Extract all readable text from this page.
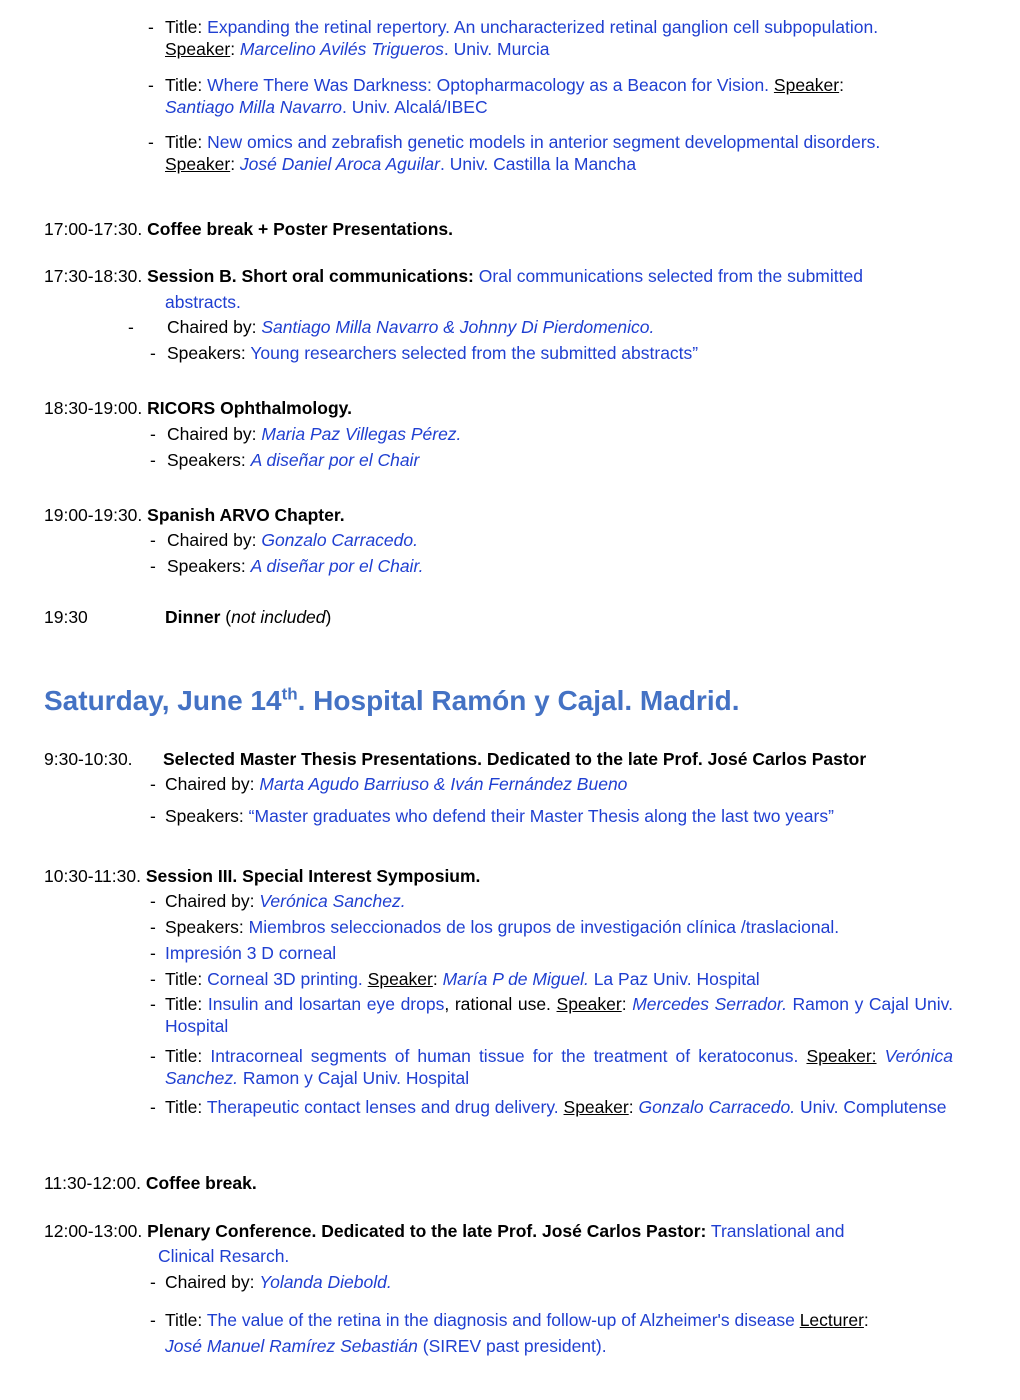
- Title: Expanding the retinal repertory. An uncharacterized retinal ganglion cell subpopulation.
Speaker: Marcelino Avilés Trigueros. Univ. Murcia
- Title: Where There Was Darkness: Optopharmacology as a Beacon for Vision. Speaker:
Santiago Milla Navarro. Univ. Alcalá/IBEC
- Title: New omics and zebrafish genetic models in anterior segment developmental disorders.
Speaker: José Daniel Aroca Aguilar. Univ. Castilla la Mancha
17:00-17:30. Coffee break + Poster Presentations.
17:30-18:30. Session B. Short oral communications: Oral communications selected from the submitted
abstracts.
- Chaired by: Santiago Milla Navarro & Johnny Di Pierdomenico.
- Speakers: Young researchers selected from the submitted abstracts”
18:30-19:00. RICORS Ophthalmology.
- Chaired by: Maria Paz Villegas Pérez.
- Speakers: A diseñar por el Chair
19:00-19:30. Spanish ARVO Chapter.
- Chaired by: Gonzalo Carracedo.
- Speakers: A diseñar por el Chair.
19:30	Dinner (not included)
Saturday, June 14th. Hospital Ramón y Cajal. Madrid.
9:30-10:30. Selected Master Thesis Presentations. Dedicated to the late Prof. José Carlos Pastor
- Chaired by: Marta Agudo Barriuso & Iván Fernández Bueno
- Speakers: “Master graduates who defend their Master Thesis along the last two years”
10:30-11:30. Session III. Special Interest Symposium.
- Chaired by: Verónica Sanchez.
- Speakers: Miembros seleccionados de los grupos de investigación clínica /traslacional.
- Impresión 3 D corneal
- Title: Corneal 3D printing. Speaker: María P de Miguel. La Paz Univ. Hospital
- Title: Insulin and losartan eye drops, rational use. Speaker: Mercedes Serrador. Ramon y Cajal Univ. Hospital
- Title: Intracorneal segments of human tissue for the treatment of keratoconus. Speaker: Verónica Sanchez. Ramon y Cajal Univ. Hospital
- Title: Therapeutic contact lenses and drug delivery. Speaker: Gonzalo Carracedo. Univ. Complutense
11:30-12:00. Coffee break.
12:00-13:00. Plenary Conference. Dedicated to the late Prof. José Carlos Pastor: Translational and
Clinical Resarch.
- Chaired by: Yolanda Diebold.
- Title: The value of the retina in the diagnosis and follow-up of Alzheimer's disease Lecturer:
José Manuel Ramírez Sebastián (SIREV past president).
